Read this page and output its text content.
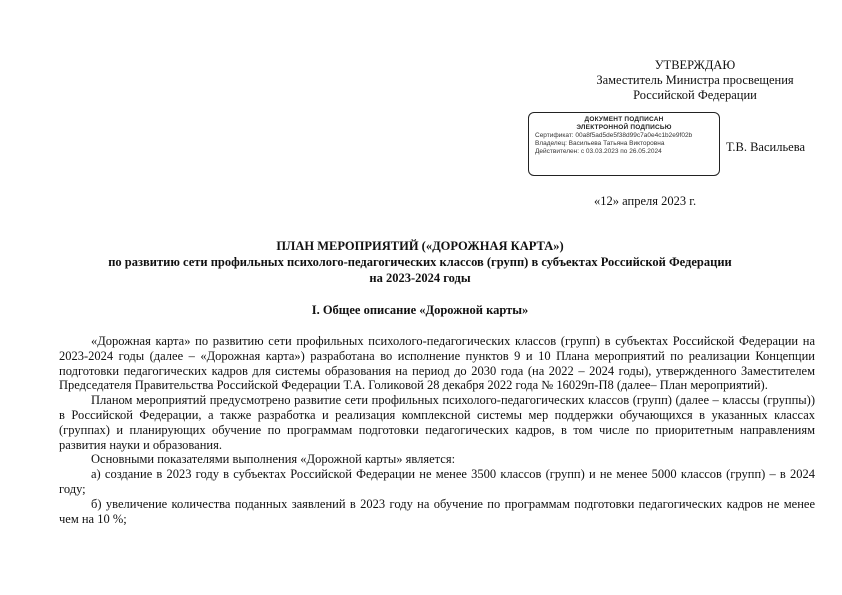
УТВЕРЖДАЮ
Заместитель Министра просвещения
Российской Федерации
ДОКУМЕНТ ПОДПИСАН
ЭЛЕКТРОННОЙ ПОДПИСЬЮ
Сертификат: 00a8f5ad5de5f38d99c7a0e4c1b2e9f02b
Владелец: Васильева Татьяна Викторовна
Действителен: с 03.03.2023 по 26.05.2024	Т.В. Васильева
«12» апреля 2023 г.
ПЛАН МЕРОПРИЯТИЙ («ДОРОЖНАЯ КАРТА»)
по развитию сети профильных психолого-педагогических классов (групп) в субъектах Российской Федерации
на 2023-2024 годы
I. Общее описание «Дорожной карты»

«Дорожная карта» по развитию сети профильных психолого-педагогических классов (групп) в субъектах Российской Федерации на 2023-2024 годы (далее – «Дорожная карта») разработана во исполнение пунктов 9 и 10 Плана мероприятий по реализации Концепции подготовки педагогических кадров для системы образования на период до 2030 года (на 2022 – 2024 годы), утвержденного Заместителем Председателя Правительства Российской Федерации Т.А. Голиковой 28 декабря 2022 года № 16029п-П8 (далее– План мероприятий).

Планом мероприятий предусмотрено развитие сети профильных психолого-педагогических классов (групп) (далее – классы (группы)) в Российской Федерации, а также разработка и реализация комплексной системы мер поддержки обучающихся в указанных классах (группах) и планирующих обучение по программам подготовки педагогических кадров, в том числе по приоритетным направлениям развития науки и образования.

Основными показателями выполнения «Дорожной карты» является:

а) создание в 2023 году в субъектах Российской Федерации не менее 3500 классов (групп) и не менее 5000 классов (групп) – в 2024 году;

б) увеличение количества поданных заявлений в 2023 году на обучение по программам подготовки педагогических кадров не менее чем на 10 %;
